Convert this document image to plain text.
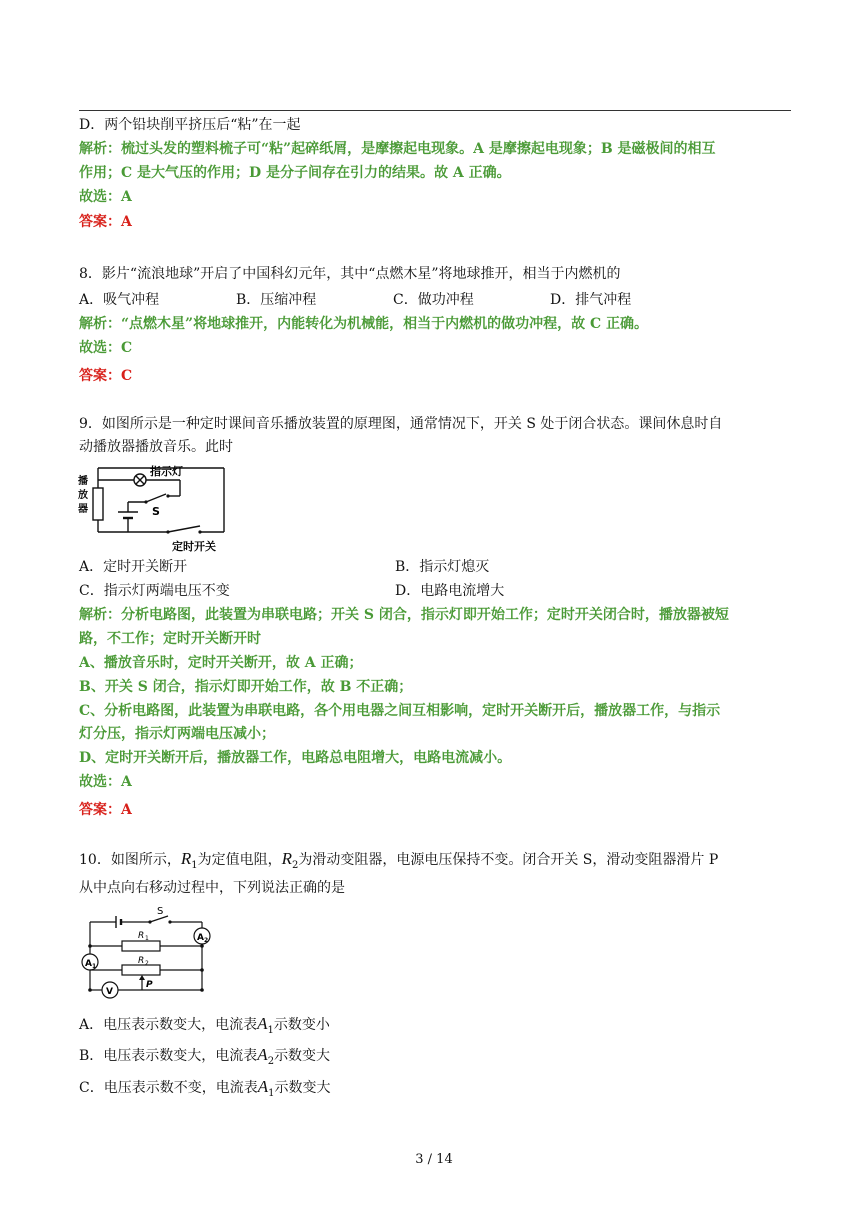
D．两个铅块削平挤压后“粘”在一起
解析：梳过头发的塑料梳子可“粘”起碎纸屑，是摩擦起电现象。A 是摩擦起电现象；B 是磁极间的相互
作用；C 是大气压的作用；D 是分子间存在引力的结果。故 A 正确。
故选：A
答案：A
8．影片“流浪地球”开启了中国科幻元年，其中“点燃木星”将地球推开，相当于内燃机的
A．吸气冲程	B．压缩冲程	C．做功冲程	D．排气冲程
解析：“点燃木星”将地球推开，内能转化为机械能，相当于内燃机的做功冲程，故 C 正确。
故选：C
答案：C
9．如图所示是一种定时课间音乐播放装置的原理图，通常情况下，开关 S 处于闭合状态。课间休息时自
动播放器播放音乐。此时
播
放
器
指示灯
S
定时开关
A．定时开关断开	B．指示灯熄灭
C．指示灯两端电压不变	D．电路电流增大
解析：分析电路图，此装置为串联电路；开关 S 闭合，指示灯即开始工作；定时开关闭合时，播放器被短
路，不工作；定时开关断开时
A、播放音乐时，定时开关断开，故 A 正确；
B、开关 S 闭合，指示灯即开始工作，故 B 不正确；
C、分析电路图，此装置为串联电路，各个用电器之间互相影响，定时开关断开后，播放器工作，与指示
灯分压，指示灯两端电压减小；
D、定时开关断开后，播放器工作，电路总电阻增大，电路电流减小。
故选：A
答案：A
10．如图所示，$R_1$为定值电阻，$R_2$为滑动变阻器，电源电压保持不变。闭合开关 S，滑动变阻器滑片 P
从中点向右移动过程中，下列说法正确的是
S
A 2
A 1
R 1
R 2
V
P
A．电压表示数变大，电流表$A_1$示数变小
B．电压表示数变大，电流表$A_2$示数变大
C．电压表示数不变，电流表$A_1$示数变大
3 / 14
